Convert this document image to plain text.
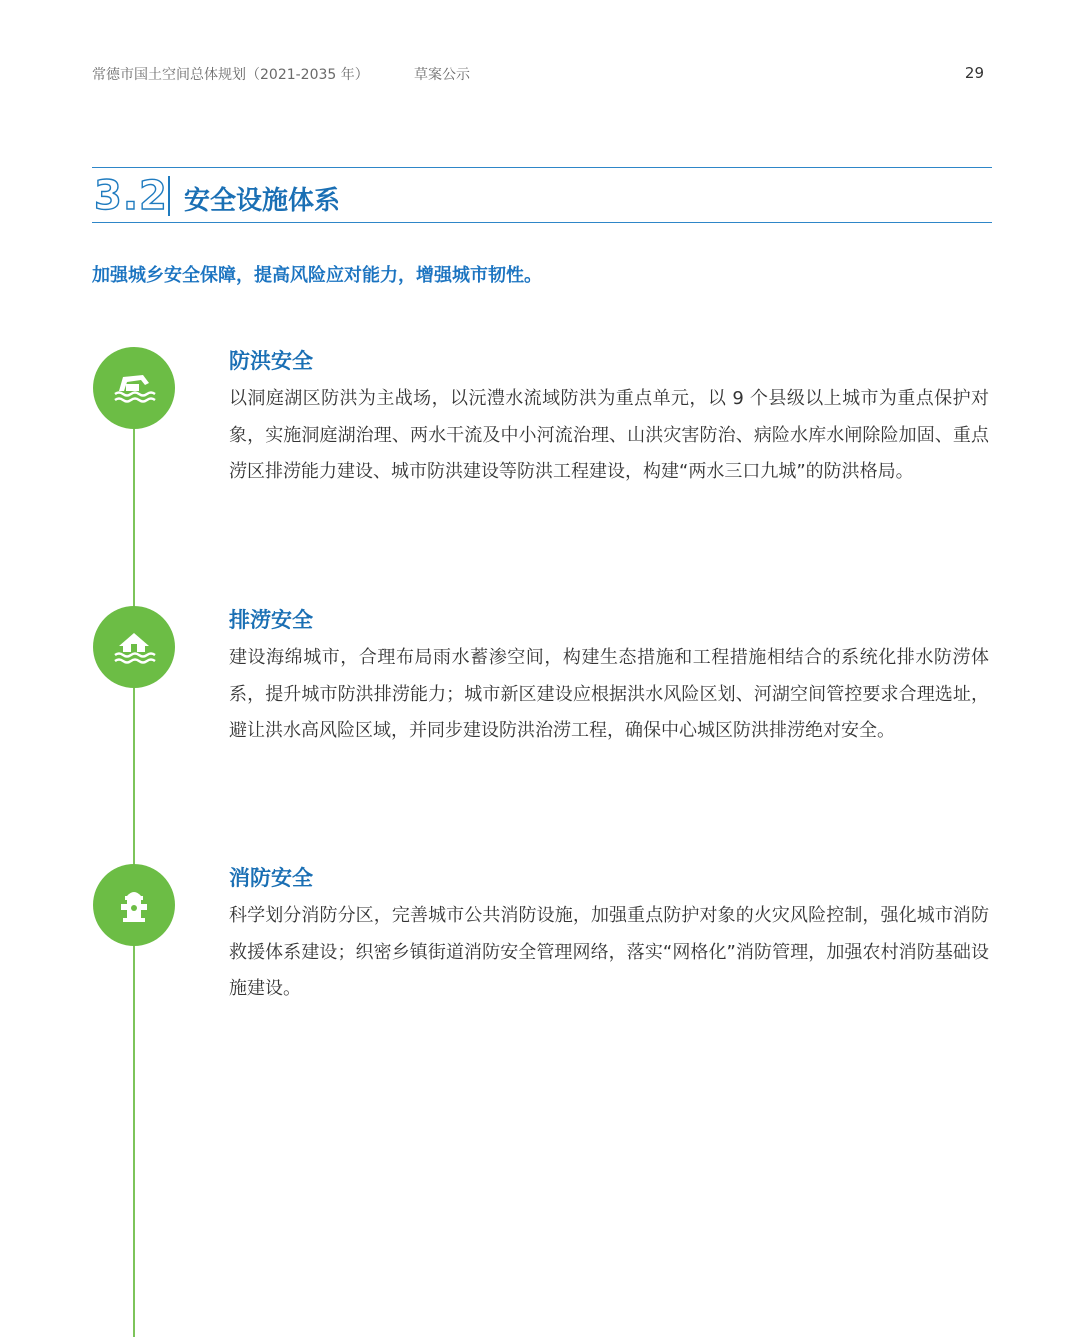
常德市国土空间总体规划（2021-2035 年）	草案公示	29
3.2 安全设施体系
加强城乡安全保障，提高风险应对能力，增强城市韧性。
防洪安全
以洞庭湖区防洪为主战场，以沅澧水流域防洪为重点单元，以 9 个县级以上城市为重点保护对象，实施洞庭湖治理、两水干流及中小河流治理、山洪灾害防治、病险水库水闸除险加固、重点涝区排涝能力建设、城市防洪建设等防洪工程建设，构建“两水三口九城”的防洪格局。
排涝安全
建设海绵城市，合理布局雨水蓄渗空间，构建生态措施和工程措施相结合的系统化排水防涝体系，提升城市防洪排涝能力；城市新区建设应根据洪水风险区划、河湖空间管控要求合理选址，避让洪水高风险区域，并同步建设防洪治涝工程，确保中心城区防洪排涝绝对安全。
消防安全
科学划分消防分区，完善城市公共消防设施，加强重点防护对象的火灾风险控制，强化城市消防救援体系建设；织密乡镇街道消防安全管理网络，落实“网格化”消防管理，加强农村消防基础设施建设。
